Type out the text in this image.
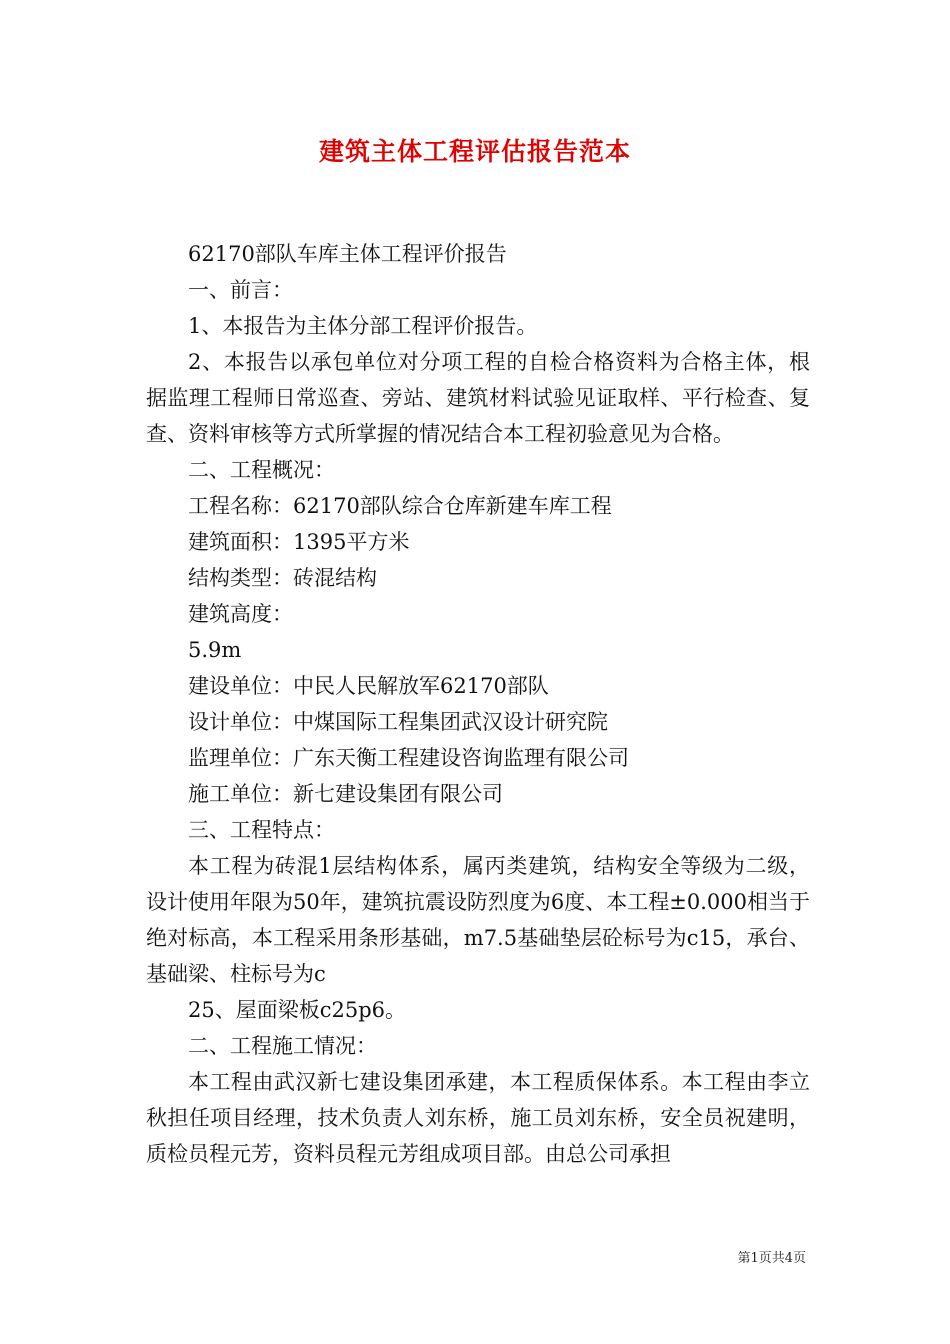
建筑主体工程评估报告范本

62170部队车库主体工程评价报告

一、前言：

1、本报告为主体分部工程评价报告。

2、本报告以承包单位对分项工程的自检合格资料为合格主体，根据监理工程师日常巡查、旁站、建筑材料试验见证取样、平行检查、复查、资料审核等方式所掌握的情况结合本工程初验意见为合格。

二、工程概况：

工程名称：62170部队综合仓库新建车库工程

建筑面积：1395平方米

结构类型：砖混结构

建筑高度：

5.9m

建设单位：中民人民解放军62170部队

设计单位：中煤国际工程集团武汉设计研究院

监理单位：广东天衡工程建设咨询监理有限公司

施工单位：新七建设集团有限公司

三、工程特点：

本工程为砖混1层结构体系，属丙类建筑，结构安全等级为二级，设计使用年限为50年，建筑抗震设防烈度为6度、本工程±0.000相当于绝对标高，本工程采用条形基础，m7.5基础垫层砼标号为c15，承台、基础梁、柱标号为c

25、屋面梁板c25p6。

二、工程施工情况：

本工程由武汉新七建设集团承建，本工程质保体系。本工程由李立秋担任项目经理，技术负责人刘东桥，施工员刘东桥，安全员祝建明，质检员程元芳，资料员程元芳组成项目部。由总公司承担

第1页共4页
